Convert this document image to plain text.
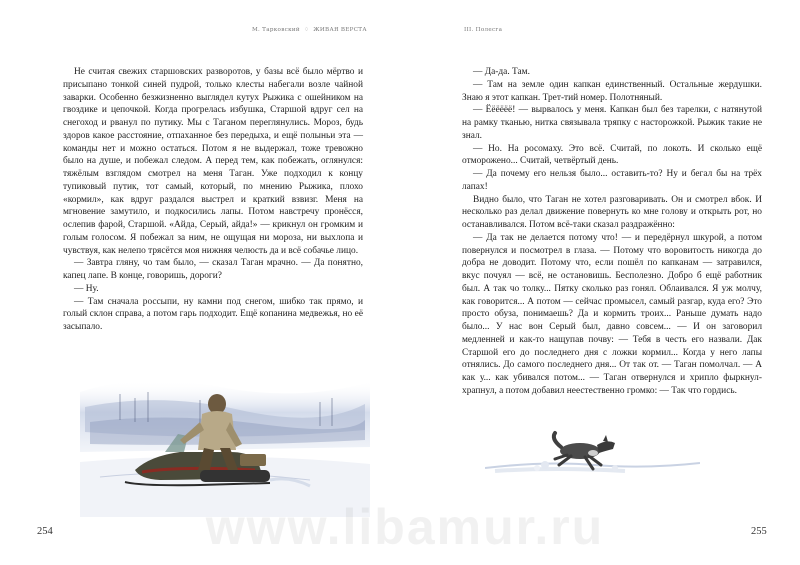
М. Тарковский ♢ ЖИВАЯ ВЕРСТА

Не считая свежих старшовских разворотов, у базы всё было мёртво и присыпано тонкой синей пудрой, только клесты набегали возле чайной заварки. Особенно безжизненно выглядел кутух Рыжика с ошейником на гвоздике и цепочкой. Когда прогрелась избушка, Старшой вдруг сел на снегоход и рванул по путику. Мы с Таганом переглянулись. Мороз, будь здоров какое расстояние, отпаханное без передыха, и ещё полыньи эта — команды нет и можно остаться. Потом я не выдержал, тоже тревожно было на душе, и побежал следом. А перед тем, как побежать, оглянулся: тяжёлым взглядом смотрел на меня Таган. Уже подходил к концу тупиковый путик, тот самый, который, по мнению Рыжика, плохо «кормил», как вдруг раздался выстрел и краткий взвизг. Меня на мгновение замутило, и подкосились лапы. Потом навстречу пронёсся, ослепив фарой, Старшой. «Айда, Серый, айда!» — крикнул он громким и голым голосом. Я побежал за ним, не ощущая ни мороза, ни выхлопа и чувствуя, как нелепо трясётся моя нижняя челюсть да и всё собачье лицо.

— Завтра гляну, чо там было, — сказал Таган мрачно. — Да понятно, капец лапе. В конце, говоришь, дороги?

— Ну.

— Там сначала россыпи, ну камни под снегом, шибко так прямо, и голый склон справа, а потом гарь подходит. Ещё копанина медвежья, но её засыпало.

254
III. Полесга

— Да-да. Там.

— Там на земле один капкан единственный. Остальные жердушки. Знаю я этот капкан. Трет-тий номер. Полотняный.

— Ёёёёёё! — вырвалось у меня. Капкан был без тарелки, с натянутой на рамку тканью, нитка связывала тряпку с насторожкой. Рыжик такие не знал.

— Но. На росомаху. Это всё. Считай, по локоть. И сколько ещё отморожено... Считай, четвёртый день.

— Да почему его нельзя было... оставить-то? Ну и бегал бы на трёх лапах!

Видно было, что Таган не хотел разговаривать. Он и смотрел вбок. И несколько раз делал движение повернуть ко мне голову и открыть рот, но останавливался. Потом всё-таки сказал раздражённо:

— Да так не делается потому что! — и передёрнул шкурой, а потом повернулся и посмотрел в глаза. — Потому что воровитость никогда до добра не доводит. Потому что, если пошёл по капканам — затравился, вкус почуял — всё, не остановишь. Бесполезно. Добро б ещё работник был. А так чо толку... Пятку сколько раз гонял. Облаивался. Я уж молчу, как говорится... А потом — сейчас промысел, самый разгар, куда его? Это просто обуза, понимаешь? Да и кормить троих... Раньше думать надо было... У нас вон Серый был, давно совсем... — И он заговорил медленней и как-то нащупав почву: — Тебя в честь его назвали. Дак Старшой его до последнего дня с ложки кормил... Когда у него лапы отнялись. До самого последнего дня... От так от. — Таган помолчал. — А как у... как убивался потом... — Таган отвернулся и хрипло фыркнул-храпнул, а потом добавил неестественно громко: — Так что гордись.

255
www.libamur.ru
